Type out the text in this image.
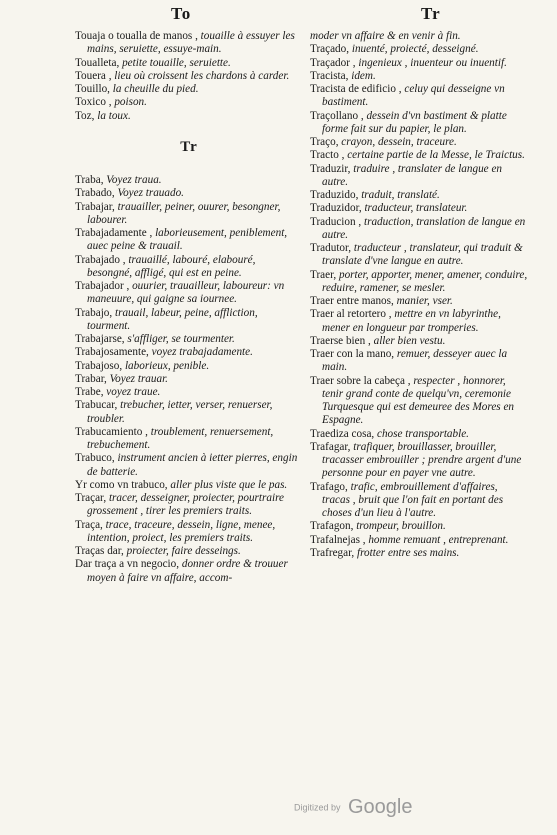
To	Tr

Touaja o toualla de manos , touaille à essuyer les mains, seruiette, essuye-main.

Toualleta, petite touaille, seruiette.

Touera , lieu où croissent les chardons à carder.

Touillo, la cheuille du pied.

Toxico , poison.

Toz, la toux.

Tr

Traba, Voyez traua.

Trabado, Voyez trauado.

Trabajar, trauailler, peiner, ouurer, besongner, labourer.

Trabajadamente , laborieusement, peniblement, auec peine & trauail.

Trabajado , trauaillé, labouré, elabouré, besongné, affligé, qui est en peine.

Trabajador , ouurier, trauailleur, laboureur: vn maneuure, qui gaigne sa iournee.

Trabajo, trauail, labeur, peine, affliction, tourment.

Trabajarse, s'affliger, se tourmenter.

Trabajosamente, voyez trabajadamente.

Trabajoso, laborieux, penible.

Trabar, Voyez trauar.

Trabe, voyez traue.

Trabucar, trebucher, ietter, verser, renuerser, troubler.

Trabucamiento , troublement, renuersement, trebuchement.

Trabuco, instrument ancien à ietter pierres, engin de batterie.

Yr como vn trabuco, aller plus viste que le pas.

Traçar, tracer, desseigner, proiecter, pourtraire grossement , tirer les premiers traits.

Traça, trace, traceure, dessein, ligne, menee, intention, proiect, les premiers traits.

Traças dar, proiecter, faire desseings.

Dar traça a vn negocio, donner ordre & trouuer moyen à faire vn affaire, accom-

moder vn affaire & en venir à fin.

Traçado, inuenté, proiecté, desseigné.

Traçador , ingenieux , inuenteur ou inuentif.

Tracista, idem.

Tracista de edificio , celuy qui desseigne vn bastiment.

Traçollano , dessein d'vn bastiment & platte forme fait sur du papier, le plan.

Traço, crayon, dessein, traceure.

Tracto , certaine partie de la Messe, le Traictus.

Traduzir, traduire , translater de langue en autre.

Traduzido, traduit, translaté.

Traduzidor, traducteur, translateur.

Traducion , traduction, translation de langue en autre.

Tradutor, traducteur , translateur, qui traduit & translate d'vne langue en autre.

Traer, porter, apporter, mener, amener, conduire, reduire, ramener, se mesler.

Traer entre manos, manier, vser.

Traer al retortero , mettre en vn labyrinthe, mener en longueur par tromperies.

Traerse bien , aller bien vestu.

Traer con la mano, remuer, desseyer auec la main.

Traer sobre la cabeça , respecter , honnorer, tenir grand conte de quelqu'vn, ceremonie Turquesque qui est demeuree des Mores en Espagne.

Traediza cosa, chose transportable.

Trafagar, trafiquer, brouillasser, brouiller, tracasser embrouiller ; prendre argent d'une personne pour en payer vne autre.

Trafago, trafic, embrouillement d'affaires, tracas , bruit que l'on fait en portant des choses d'un lieu à l'autre.

Trafagon, trompeur, brouillon.

Trafalnejas , homme remuant , entreprenant.

Trafregar, frotter entre ses mains.

Digitized by Google
